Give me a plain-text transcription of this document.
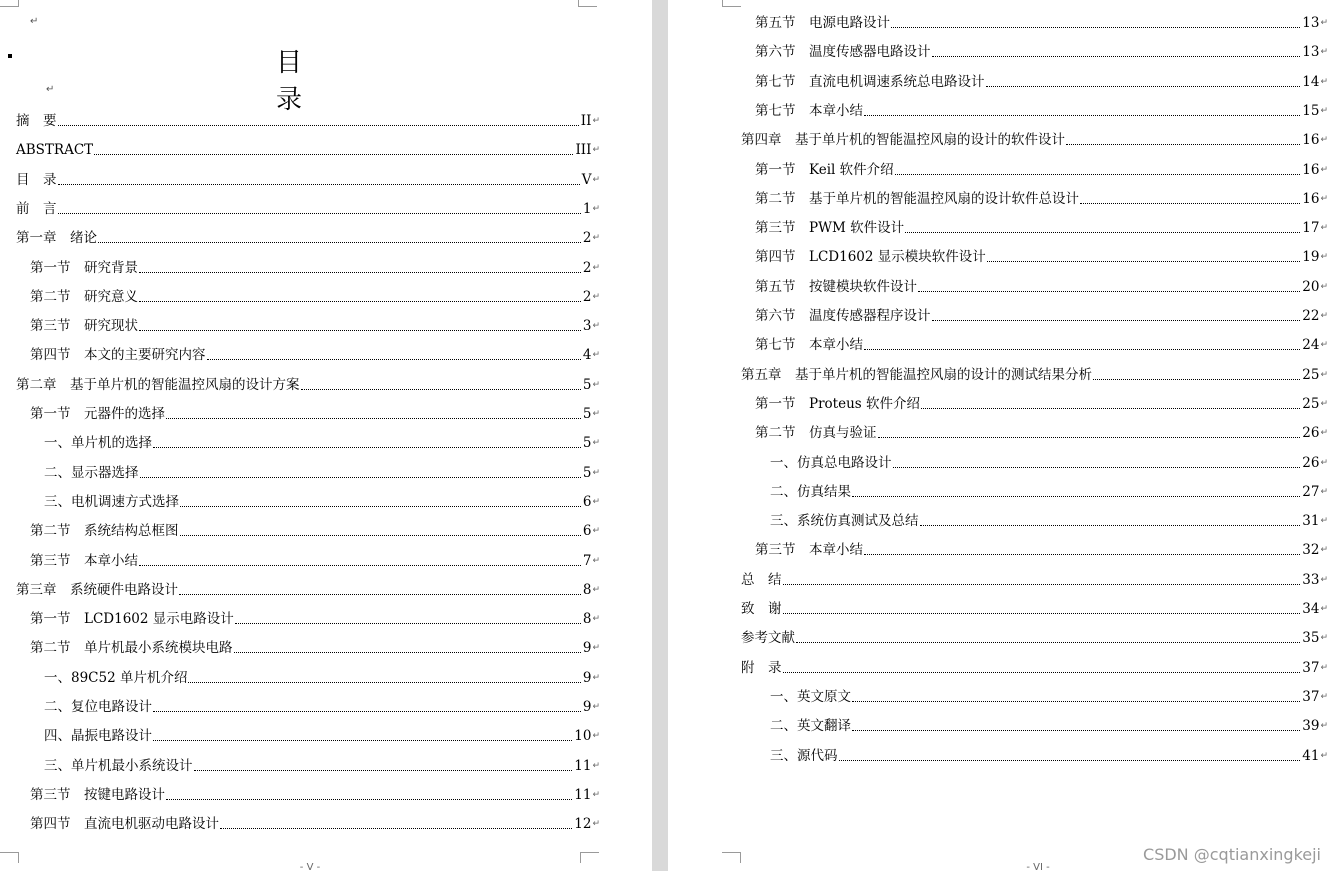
↵
目　录
↵
摘　要	II ↵
ABSTRACT	III ↵
目　录	V ↵
前　言	1 ↵
第一章　绪论	2 ↵
第一节　研究背景	2 ↵
第二节　研究意义	2 ↵
第三节　研究现状	3 ↵
第四节　本文的主要研究内容	4 ↵
第二章　基于单片机的智能温控风扇的设计方案	5 ↵
第一节　元器件的选择	5 ↵
一、单片机的选择	5 ↵
二、显示器选择	5 ↵
三、电机调速方式选择	6 ↵
第二节　系统结构总框图	6 ↵
第三节　本章小结	7 ↵
第三章　系统硬件电路设计	8 ↵
第一节　LCD1602 显示电路设计	8 ↵
第二节　单片机最小系统模块电路	9 ↵
一、89C52 单片机介绍	9 ↵
二、复位电路设计	9 ↵
四、晶振电路设计	10 ↵
三、单片机最小系统设计	11 ↵
第三节　按键电路设计	11 ↵
第四节　直流电机驱动电路设计	12 ↵
- V -
第五节　电源电路设计	13 ↵
第六节　温度传感器电路设计	13 ↵
第七节　直流电机调速系统总电路设计	14 ↵
第七节　本章小结	15 ↵
第四章　基于单片机的智能温控风扇的设计的软件设计	16 ↵
第一节　Keil 软件介绍	16 ↵
第二节　基于单片机的智能温控风扇的设计软件总设计	16 ↵
第三节　PWM 软件设计	17 ↵
第四节　LCD1602 显示模块软件设计	19 ↵
第五节　按键模块软件设计	20 ↵
第六节　温度传感器程序设计	22 ↵
第七节　本章小结	24 ↵
第五章　基于单片机的智能温控风扇的设计的测试结果分析	25 ↵
第一节　Proteus 软件介绍	25 ↵
第二节　仿真与验证	26 ↵
一、仿真总电路设计	26 ↵
二、仿真结果	27 ↵
三、系统仿真测试及总结	31 ↵
第三节　本章小结	32 ↵
总　结	33 ↵
致　谢	34 ↵
参考文献	35 ↵
附　录	37 ↵
一、英文原文	37 ↵
二、英文翻译	39 ↵
三、源代码	41 ↵
- VI -
CSDN @cqtianxingkeji
